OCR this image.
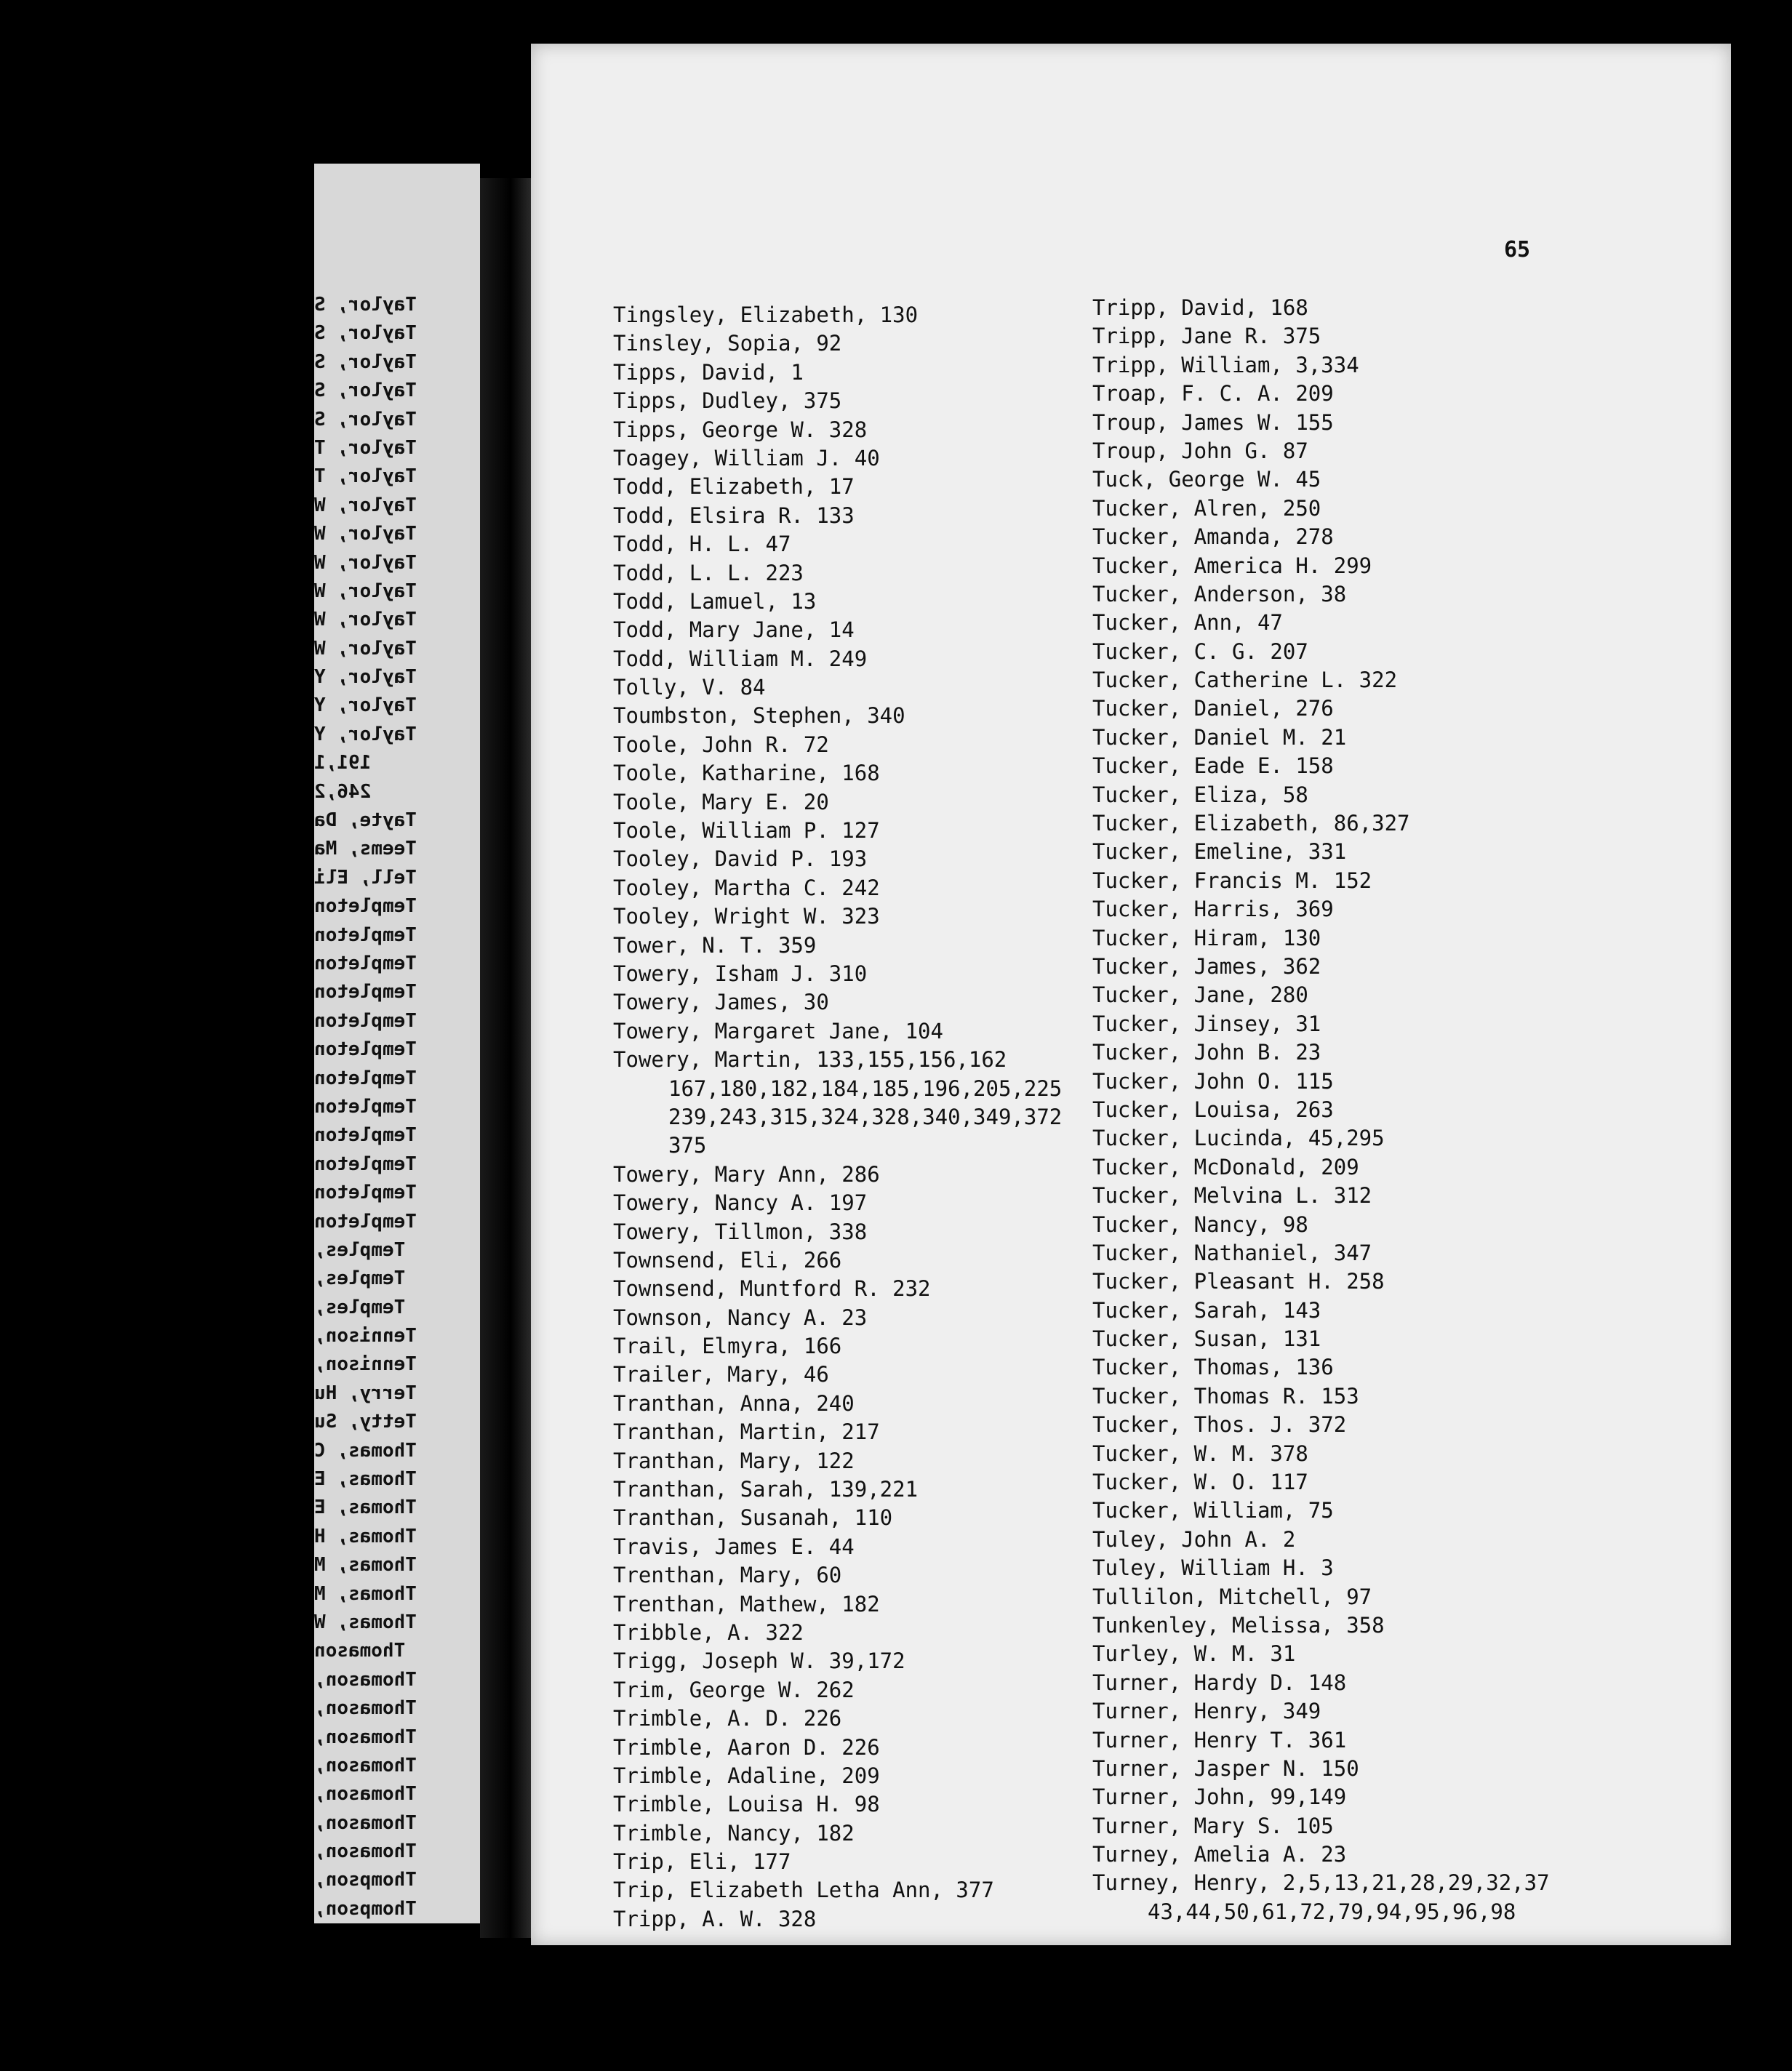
Taylor, S
Taylor, S
Taylor, S
Taylor, S
Taylor, S
Taylor, T
Taylor, T
Taylor, W
Taylor, W
Taylor, W
Taylor, W
Taylor, W
Taylor, W
Taylor, Y
Taylor, Y
Taylor, Y
191,1
246,2
Tayte, Da
Teems, Ma
Tell, Eli
Templeton
Templeton
Templeton
Templeton
Templeton
Templeton
Templeton
Templeton
Templeton
Templeton
Templeton
Templeton
Temples,
Temples,
Temples,
Tennison,
Tennison,
Terry, Hu
Tetty, Su
Thomas, C
Thomas, E
Thomas, E
Thomas, H
Thomas, M
Thomas, M
Thomas, W
Thomason
Thomason,
Thomason,
Thomason,
Thomason,
Thomason,
Thomason,
Thomason,
Thompson,
Thompson,
65
Tingsley, Elizabeth, 130
Tinsley, Sopia, 92
Tipps, David, 1
Tipps, Dudley, 375
Tipps, George W. 328
Toagey, William J. 40
Todd, Elizabeth, 17
Todd, Elsira R. 133
Todd, H. L. 47
Todd, L. L. 223
Todd, Lamuel, 13
Todd, Mary Jane, 14
Todd, William M. 249
Tolly, V. 84
Toumbston, Stephen, 340
Toole, John R. 72
Toole, Katharine, 168
Toole, Mary E. 20
Toole, William P. 127
Tooley, David P. 193
Tooley, Martha C. 242
Tooley, Wright W. 323
Tower, N. T. 359
Towery, Isham J. 310
Towery, James, 30
Towery, Margaret Jane, 104
Towery, Martin, 133,155,156,162
167,180,182,184,185,196,205,225
239,243,315,324,328,340,349,372
375
Towery, Mary Ann, 286
Towery, Nancy A. 197
Towery, Tillmon, 338
Townsend, Eli, 266
Townsend, Muntford R. 232
Townson, Nancy A. 23
Trail, Elmyra, 166
Trailer, Mary, 46
Tranthan, Anna, 240
Tranthan, Martin, 217
Tranthan, Mary, 122
Tranthan, Sarah, 139,221
Tranthan, Susanah, 110
Travis, James E. 44
Trenthan, Mary, 60
Trenthan, Mathew, 182
Tribble, A. 322
Trigg, Joseph W. 39,172
Trim, George W. 262
Trimble, A. D. 226
Trimble, Aaron D. 226
Trimble, Adaline, 209
Trimble, Louisa H. 98
Trimble, Nancy, 182
Trip, Eli, 177
Trip, Elizabeth Letha Ann, 377
Tripp, A. W. 328
Tripp, David, 168
Tripp, Jane R. 375
Tripp, William, 3,334
Troap, F. C. A. 209
Troup, James W. 155
Troup, John G. 87
Tuck, George W. 45
Tucker, Alren, 250
Tucker, Amanda, 278
Tucker, America H. 299
Tucker, Anderson, 38
Tucker, Ann, 47
Tucker, C. G. 207
Tucker, Catherine L. 322
Tucker, Daniel, 276
Tucker, Daniel M. 21
Tucker, Eade E. 158
Tucker, Eliza, 58
Tucker, Elizabeth, 86,327
Tucker, Emeline, 331
Tucker, Francis M. 152
Tucker, Harris, 369
Tucker, Hiram, 130
Tucker, James, 362
Tucker, Jane, 280
Tucker, Jinsey, 31
Tucker, John B. 23
Tucker, John O. 115
Tucker, Louisa, 263
Tucker, Lucinda, 45,295
Tucker, McDonald, 209
Tucker, Melvina L. 312
Tucker, Nancy, 98
Tucker, Nathaniel, 347
Tucker, Pleasant H. 258
Tucker, Sarah, 143
Tucker, Susan, 131
Tucker, Thomas, 136
Tucker, Thomas R. 153
Tucker, Thos. J. 372
Tucker, W. M. 378
Tucker, W. O. 117
Tucker, William, 75
Tuley, John A. 2
Tuley, William H. 3
Tullilon, Mitchell, 97
Tunkenley, Melissa, 358
Turley, W. M. 31
Turner, Hardy D. 148
Turner, Henry, 349
Turner, Henry T. 361
Turner, Jasper N. 150
Turner, John, 99,149
Turner, Mary S. 105
Turney, Amelia A. 23
Turney, Henry, 2,5,13,21,28,29,32,37
43,44,50,61,72,79,94,95,96,98
